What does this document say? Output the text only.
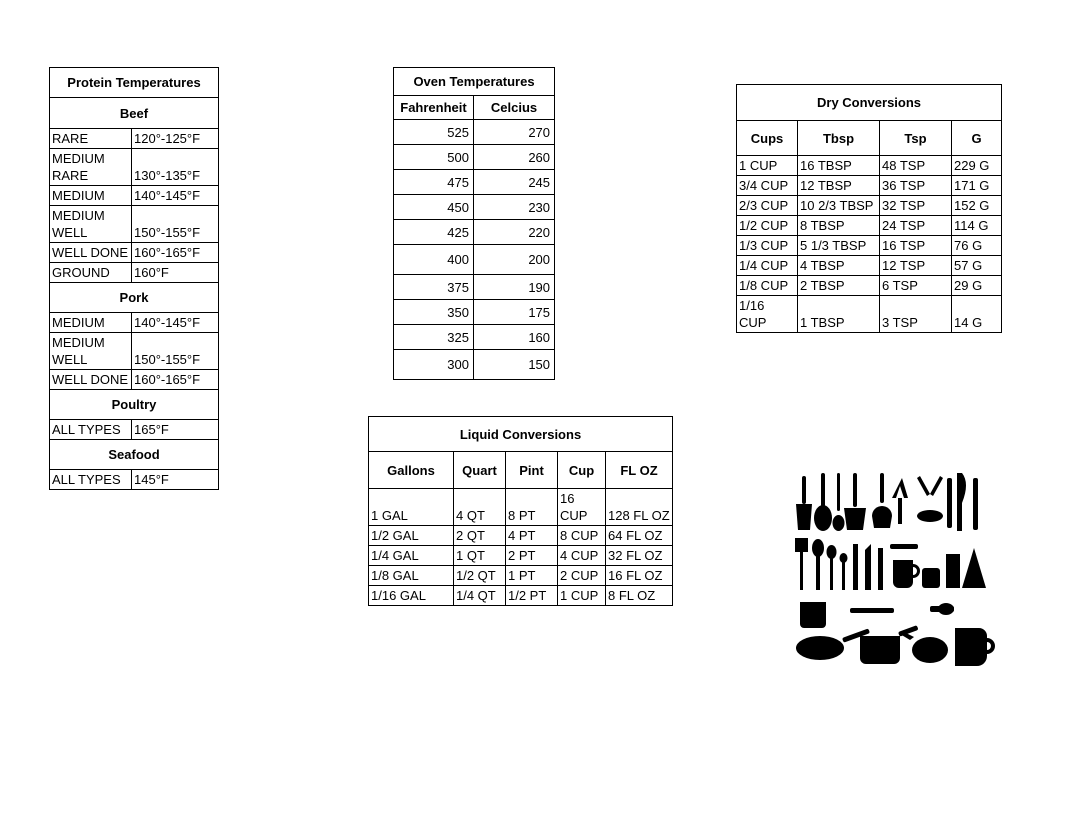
Protein Temperatures	
Beef	
RARE	120°-125°F
MEDIUM RARE	130°-135°F
MEDIUM	140°-145°F
MEDIUM WELL	150°-155°F
WELL DONE	160°-165°F
GROUND	160°F
Pork	
MEDIUM	140°-145°F
MEDIUM WELL	150°-155°F
WELL DONE	160°-165°F
Poultry	
ALL TYPES	165°F
Seafood	
ALL TYPES	145°F
Oven Temperatures	
Fahrenheit	Celcius
525	270
500	260
475	245
450	230
425	220
400	200
375	190
350	175
325	160
300	150
Dry Conversions			
Cups	Tbsp	Tsp	G
1 CUP	16 TBSP	48 TSP	229 G
3/4 CUP	12 TBSP	36 TSP	171 G
2/3 CUP	10 2/3 TBSP	32 TSP	152 G
1/2 CUP	8 TBSP	24 TSP	114 G
1/3 CUP	5 1/3 TBSP	16 TSP	76 G
1/4 CUP	4 TBSP	12 TSP	57 G
1/8 CUP	2 TBSP	6 TSP	29 G
1/16 CUP	1 TBSP	3 TSP	14 G
Liquid Conversions				
Gallons	Quart	Pint	Cup	FL OZ
1 GAL	4 QT	8 PT	16 CUP	128 FL OZ
1/2 GAL	2 QT	4 PT	8 CUP	64 FL OZ
1/4 GAL	1 QT	2 PT	4 CUP	32 FL OZ
1/8 GAL	1/2 QT	1 PT	2 CUP	16 FL OZ
1/16 GAL	1/4 QT	1/2 PT	1 CUP	8 FL OZ
